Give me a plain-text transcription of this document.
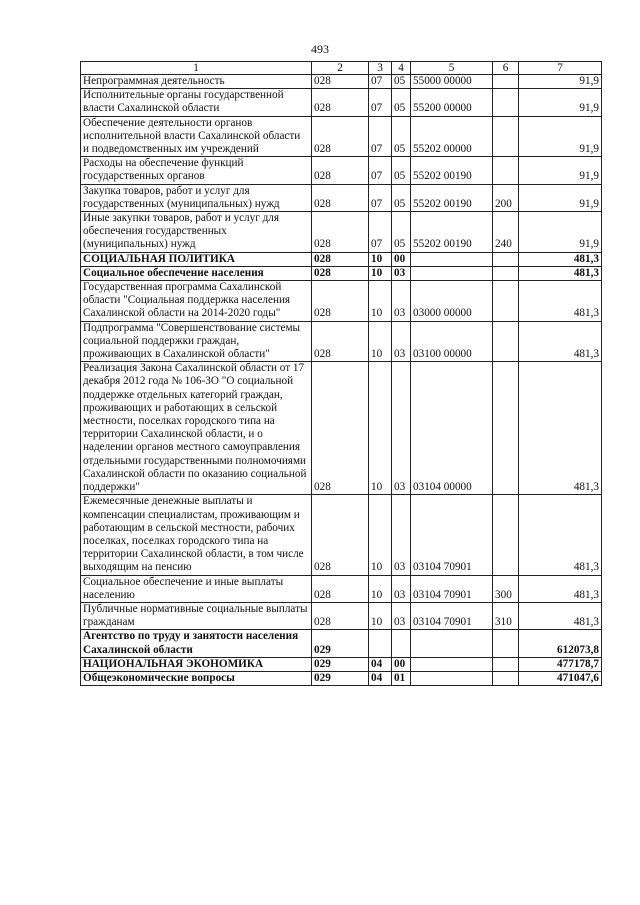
493
1	2	3	4	5	6	7
Непрограммная деятельность	028	07	05	55000 00000		91,9
Исполнительные органы государственной власти Сахалинской области	028	07	05	55200 00000		91,9
Обеспечение деятельности органов исполнительной власти Сахалинской области и подведомственных им учреждений	028	07	05	55202 00000		91,9
Расходы на обеспечение функций государственных органов	028	07	05	55202 00190		91,9
Закупка товаров, работ и услуг для государственных (муниципальных) нужд	028	07	05	55202 00190	200	91,9
Иные закупки товаров, работ и услуг для обеспечения государственных (муниципальных) нужд	028	07	05	55202 00190	240	91,9
СОЦИАЛЬНАЯ ПОЛИТИКА	028	10	00			481,3
Социальное обеспечение населения	028	10	03			481,3
Государственная программа Сахалинской области "Социальная поддержка населения Сахалинской области на 2014-2020 годы"	028	10	03	03000 00000		481,3
Подпрограмма "Совершенствование системы социальной поддержки граждан, проживающих в Сахалинской области"	028	10	03	03100 00000		481,3
Реализация Закона Сахалинской области от 17 декабря 2012 года № 106-ЗО "О социальной поддержке отдельных категорий граждан, проживающих и работающих в сельской местности, поселках городского типа на территории Сахалинской области, и о наделении органов местного самоуправления отдельными государственными полномочиями Сахалинской области по оказанию социальной поддержки"	028	10	03	03104 00000		481,3
Ежемесячные денежные выплаты и компенсации специалистам, проживающим и работающим в сельской местности, рабочих поселках, поселках городского типа на территории Сахалинской области, в том числе выходящим на пенсию	028	10	03	03104 70901		481,3
Социальное обеспечение и иные выплаты населению	028	10	03	03104 70901	300	481,3
Публичные нормативные социальные выплаты гражданам	028	10	03	03104 70901	310	481,3
Агентство по труду и занятости населения Сахалинской области	029					612073,8
НАЦИОНАЛЬНАЯ ЭКОНОМИКА	029	04	00			477178,7
Общеэкономические вопросы	029	04	01			471047,6
